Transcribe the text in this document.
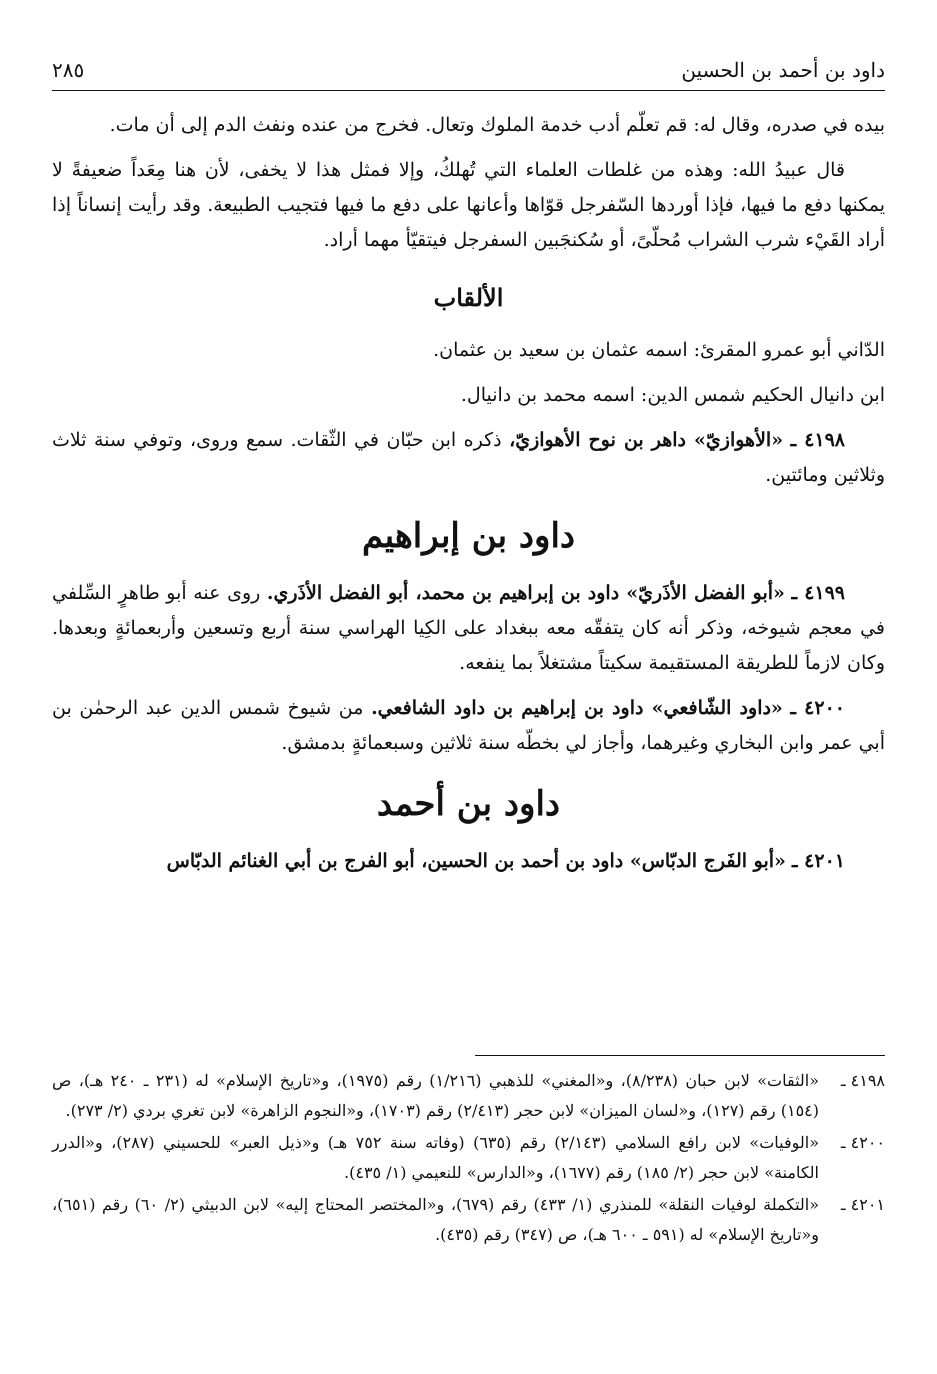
داود بن أحمد بن الحسين
٢٨٥

بيده في صدره، وقال له: قم تعلّم أدب خدمة الملوك وتعال. فخرج من عنده ونفث الدم إلى أن مات.

قال عبيدُ الله: وهذه من غلطات العلماء التي تُهلكُ، وإلا فمثل هذا لا يخفى، لأن هنا مِعَداً ضعيفةً لا يمكنها دفع ما فيها، فإذا أوردها السّفرجل قوّاها وأعانها على دفع ما فيها فتجيب الطبيعة. وقد رأيت إنساناً إذا أراد القَيْء شرب الشراب مُحلّىً، أو سُكنجَبين السفرجل فيتقيّأ مهما أراد.

الألقاب

الدّاني أبو عمرو المقرئ: اسمه عثمان بن سعيد بن عثمان.

ابن دانيال الحكيم شمس الدين: اسمه محمد بن دانيال.

٤١٩٨ ـ «الأهوازيّ» داهر بن نوح الأهوازيّ، ذكره ابن حبّان في الثّقات. سمع وروى، وتوفي سنة ثلاث وثلاثين ومائتين.

داود بن إبراهيم

٤١٩٩ ـ «أبو الفضل الأذَريّ» داود بن إبراهيم بن محمد، أبو الفضل الأذَري. روى عنه أبو طاهرٍ السِّلفي في معجم شيوخه، وذكر أنه كان يتفقّه معه ببغداد على الكِيا الهراسي سنة أربع وتسعين وأربعمائةٍ وبعدها. وكان لازماً للطريقة المستقيمة سكيتاً مشتغلاً بما ينفعه.

٤٢٠٠ ـ «داود الشّافعي» داود بن إبراهيم بن داود الشافعي. من شيوخ شمس الدين عبد الرحمٰن بن أبي عمر وابن البخاري وغيرهما، وأجاز لي بخطّه سنة ثلاثين وسبعمائةٍ بدمشق.

داود بن أحمد

٤٢٠١ ـ «أبو الفَرج الدبّاس» داود بن أحمد بن الحسين، أبو الفرج بن أبي الغنائم الدبّاس

٤١٩٨ ـ
«الثقات» لابن حبان (٨/٢٣٨)، و«المغني» للذهبي (١/٢١٦) رقم (١٩٧٥)، و«تاريخ الإسلام» له (٢٣١ ـ ٢٤٠ هـ)، ص (١٥٤) رقم (١٢٧)، و«لسان الميزان» لابن حجر (٢/٤١٣) رقم (١٧٠٣)، و«النجوم الزاهرة» لابن تغري بردي (٢/ ٢٧٣).
٤٢٠٠ ـ
«الوفيات» لابن رافع السلامي (٢/١٤٣) رقم (٦٣٥) (وفاته سنة ٧٥٢ هـ) و«ذيل العبر» للحسيني (٢٨٧)، و«الدرر الكامنة» لابن حجر (٢/ ١٨٥) رقم (١٦٧٧)، و«الدارس» للنعيمي (١/ ٤٣٥).
٤٢٠١ ـ
«التكملة لوفيات النقلة» للمنذري (١/ ٤٣٣) رقم (٦٧٩)، و«المختصر المحتاج إليه» لابن الدبيثي (٢/ ٦٠) رقم (٦٥١)، و«تاريخ الإسلام» له (٥٩١ ـ ٦٠٠ هـ)، ص (٣٤٧) رقم (٤٣٥).
